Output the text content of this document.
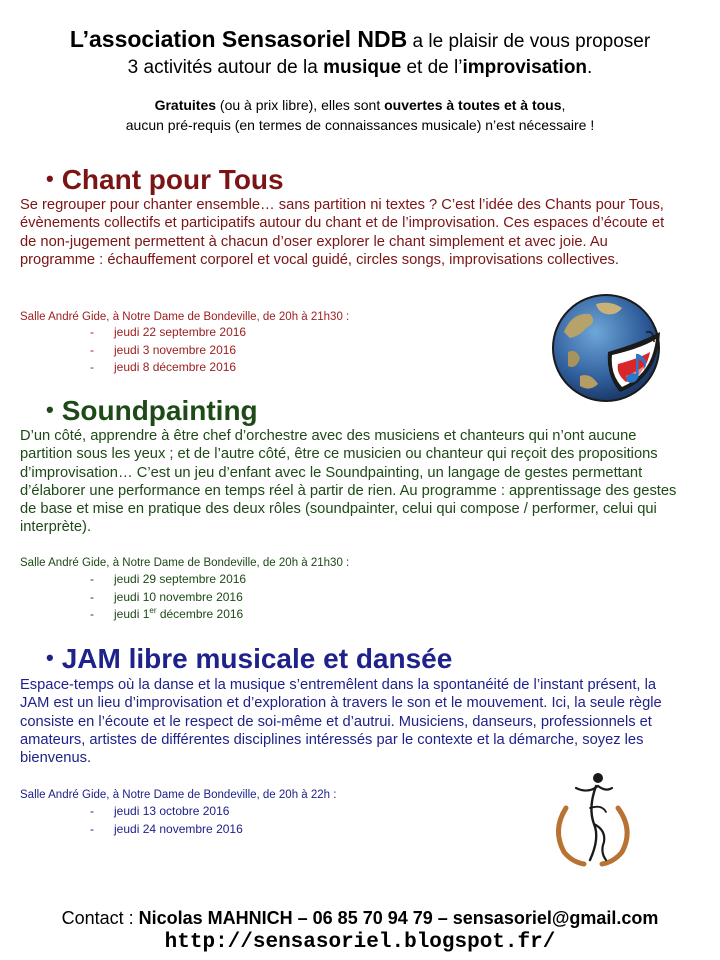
L’association Sensasoriel NDB a le plaisir de vous proposer

3 activités autour de la musique et de l’improvisation.

Gratuites (ou à prix libre), elles sont ouvertes à toutes et à tous,

aucun pré-requis (en termes de connaissances musicale) n’est nécessaire !

• Chant pour Tous

Se regrouper pour chanter ensemble… sans partition ni textes ? C’est l’idée des Chants pour Tous, évènements collectifs et participatifs autour du chant et de l’improvisation. Ces espaces d’écoute et de non-jugement permettent à chacun d’oser explorer le chant simplement et avec joie. Au programme : échauffement corporel et vocal guidé, circles songs, improvisations collectives.

Salle André Gide, à Notre Dame de Bondeville, de 20h à 21h30 :

-	jeudi 22 septembre 2016
-	jeudi 3 novembre 2016
-	jeudi 8 décembre 2016
• Soundpainting

D’un côté, apprendre à être chef d’orchestre avec des musiciens et chanteurs qui n’ont aucune partition sous les yeux ; et de l’autre côté, être ce musicien ou chanteur qui reçoit des propositions d’improvisation… C’est un jeu d’enfant avec le Soundpainting, un langage de gestes permettant d’élaborer une performance en temps réel à partir de rien. Au programme : apprentissage des gestes de base et mise en pratique des deux rôles (soundpainter, celui qui compose / performer, celui qui interprète).

Salle André Gide, à Notre Dame de Bondeville, de 20h à 21h30 :

-	jeudi 29 septembre 2016
-	jeudi 10 novembre 2016
-	jeudi 1er décembre 2016
• JAM libre musicale et dansée

Espace-temps où la danse et la musique s’entremêlent dans la spontanéité de l’instant présent, la JAM est un lieu d’improvisation et d’exploration à travers le son et le mouvement. Ici, la seule règle consiste en l’écoute et le respect de soi-même et d’autrui. Musiciens, danseurs, professionnels et amateurs, artistes de différentes disciplines intéressés par le contexte et la démarche, soyez les bienvenus.

Salle André Gide, à Notre Dame de Bondeville, de 20h à 22h :

-	jeudi 13 octobre 2016
-	jeudi 24 novembre 2016
Contact : Nicolas MAHNICH – 06 85 70 94 79 – sensasoriel@gmail.com
http://sensasoriel.blogspot.fr/
